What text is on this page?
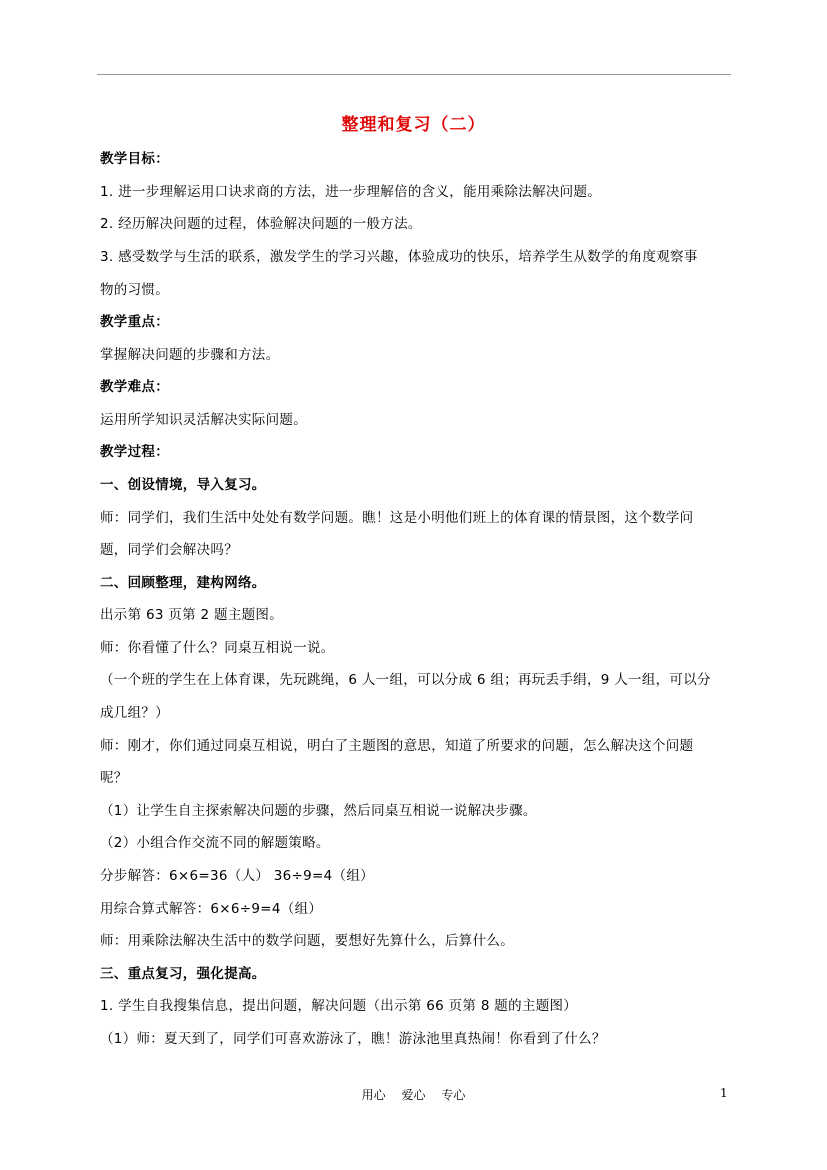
整理和复习（二）

教学目标：

1. 进一步理解运用口诀求商的方法，进一步理解倍的含义，能用乘除法解决问题。

2. 经历解决问题的过程，体验解决问题的一般方法。

3. 感受数学与生活的联系，激发学生的学习兴趣，体验成功的快乐，培养学生从数学的角度观察事

物的习惯。

教学重点：

掌握解决问题的步骤和方法。

教学难点：

运用所学知识灵活解决实际问题。

教学过程：

一、创设情境，导入复习。

师：同学们，我们生活中处处有数学问题。瞧！这是小明他们班上的体育课的情景图，这个数学问

题，同学们会解决吗？

二、回顾整理，建构网络。

出示第 63 页第 2 题主题图。

师：你看懂了什么？同桌互相说一说。

（一个班的学生在上体育课，先玩跳绳，6 人一组，可以分成 6 组；再玩丢手绢，9 人一组，可以分

成几组？）

师：刚才，你们通过同桌互相说，明白了主题图的意思，知道了所要求的问题，怎么解决这个问题

呢？

（1）让学生自主探索解决问题的步骤，然后同桌互相说一说解决步骤。

（2）小组合作交流不同的解题策略。

分步解答：6×6=36（人） 36÷9=4（组）

用综合算式解答：6×6÷9=4（组）

师：用乘除法解决生活中的数学问题，要想好先算什么，后算什么。

三、重点复习，强化提高。

1. 学生自我搜集信息，提出问题，解决问题（出示第 66 页第 8 题的主题图）

（1）师：夏天到了，同学们可喜欢游泳了，瞧！游泳池里真热闹！你看到了什么？

用心 爱心 专心	1
